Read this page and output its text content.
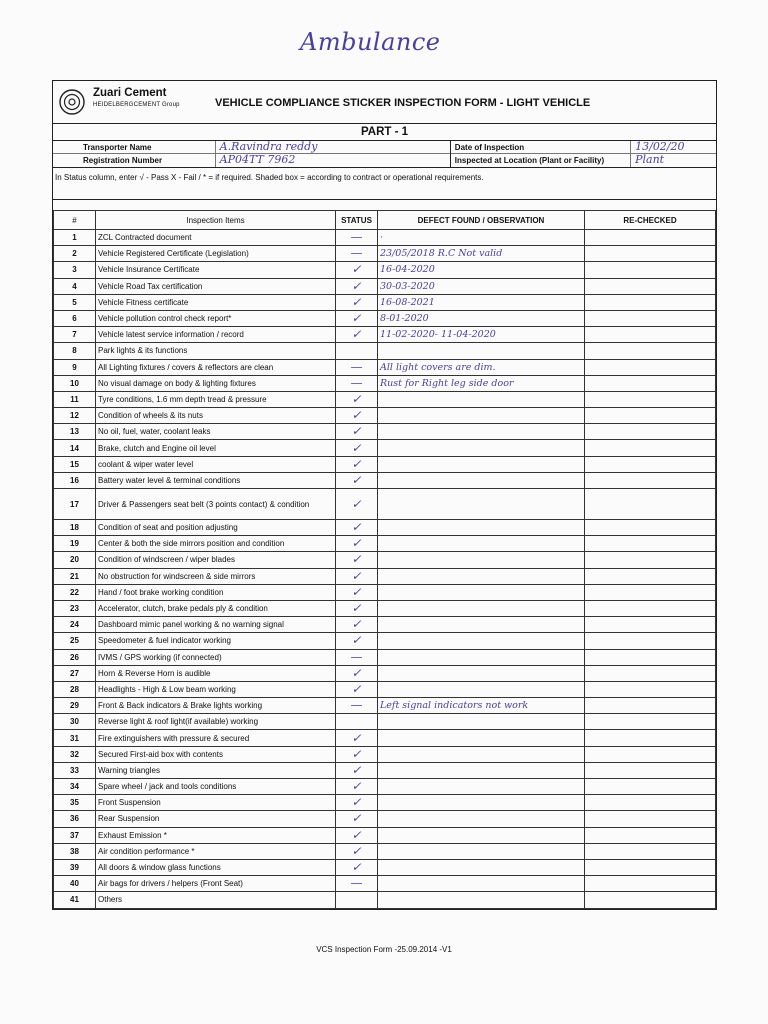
Ambulance
Zuari Cement
HEIDELBERGCEMENT Group	VEHICLE COMPLIANCE STICKER INSPECTION FORM - LIGHT VEHICLE
PART - 1
Transporter Name	A.Ravindra reddy
Registration Number	AP04TT 7962
Date of Inspection	13/02/20
Inspected at Location (Plant or Facility)	Plant
In Status column, enter √ - Pass X - Fail / * = if required. Shaded box = according to contract or operational requirements.
#	Inspection Items	STATUS	DEFECT FOUND / OBSERVATION	RE-CHECKED
1	ZCL Contracted document	—	·	
2	Vehicle Registered Certificate (Legislation)	—	23/05/2018 R.C Not valid	
3	Vehicle Insurance Certificate	✓	16-04-2020	
4	Vehicle Road Tax certification	✓	30-03-2020	
5	Vehicle Fitness certificate	✓	16-08-2021	
6	Vehicle pollution control check report*	✓	8-01-2020	
7	Vehicle latest service information / record	✓	11-02-2020- 11-04-2020	
8	Park lights & its functions			
9	All Lighting fixtures / covers & reflectors are clean	—	All light covers are dim.	
10	No visual damage on body & lighting fixtures	—	Rust for Right leg side door	
11	Tyre conditions, 1.6 mm depth tread & pressure	✓		
12	Condition of wheels & its nuts	✓		
13	No oil, fuel, water, coolant leaks	✓		
14	Brake, clutch and Engine oil level	✓		
15	coolant & wiper water level	✓		
16	Battery water level & terminal conditions	✓		
17	Driver & Passengers seat belt (3 points contact) & condition	✓		
18	Condition of seat and position adjusting	✓		
19	Center & both the side mirrors position and condition	✓		
20	Condition of windscreen / wiper blades	✓		
21	No obstruction for windscreen & side mirrors	✓		
22	Hand / foot brake working condition	✓		
23	Accelerator, clutch, brake pedals ply & condition	✓		
24	Dashboard mimic panel working & no warning signal	✓		
25	Speedometer & fuel indicator working	✓		
26	IVMS / GPS working (if connected)	—		
27	Horn & Reverse Horn is audible	✓		
28	Headlights - High & Low beam working	✓		
29	Front & Back indicators & Brake lights working	—	Left signal indicators not work	
30	Reverse light & roof light(if available) working			
31	Fire extinguishers with pressure & secured	✓		
32	Secured First-aid box with contents	✓		
33	Warning triangles	✓		
34	Spare wheel / jack and tools conditions	✓		
35	Front Suspension	✓		
36	Rear Suspension	✓		
37	Exhaust Emission *	✓		
38	Air condition performance *	✓		
39	All doors & window glass functions	✓		
40	Air bags for drivers / helpers (Front Seat)	—		
41	Others			
VCS Inspection Form -25.09.2014 -V1
